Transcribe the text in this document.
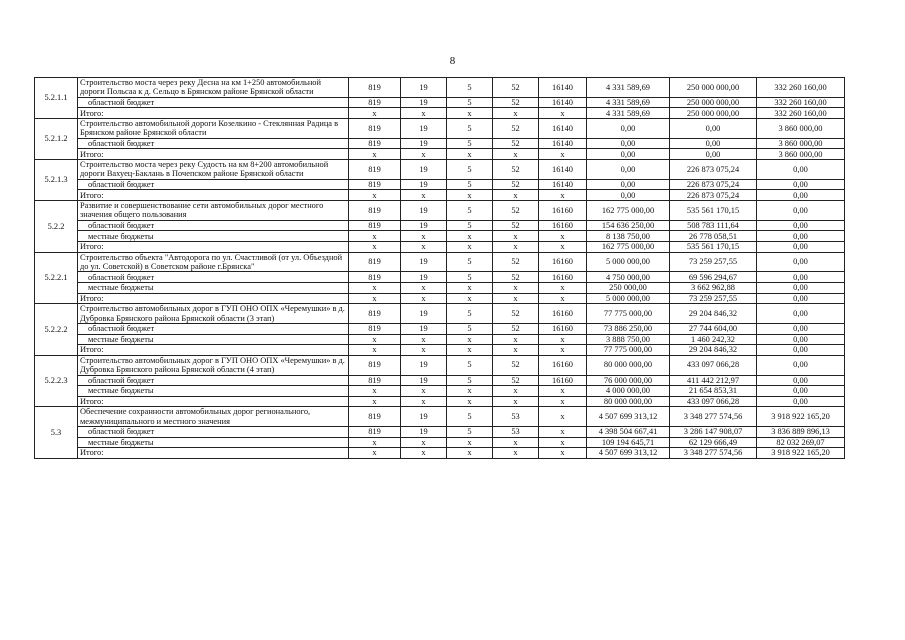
8
5.2.1.1	Строительство моста через реку Десна на км 1+250 автомобильной дороги Польсаа к д. Сельцо в Брянском районе Брянской области	819	19	5	52	16140	4 331 589,69	250 000 000,00	332 260 160,00
	областной бюджет	819	19	5	52	16140	4 331 589,69	250 000 000,00	332 260 160,00
	Итого:	x	x	x	x	x	4 331 589,69	250 000 000,00	332 260 160,00
5.2.1.2	Строительство автомобильной дороги Козелкино - Стеклянная Радица в Брянском районе Брянской области	819	19	5	52	16140	0,00	0,00	3 860 000,00
	областной бюджет	819	19	5	52	16140	0,00	0,00	3 860 000,00
	Итого:	x	x	x	x	x	0,00	0,00	3 860 000,00
5.2.1.3	Строительство моста через реку Судость на км 8+200 автомобильной дороги Вахуец-Баклань в Почепском районе Брянской области	819	19	5	52	16140	0,00	226 873 075,24	0,00
	областной бюджет	819	19	5	52	16140	0,00	226 873 075,24	0,00
	Итого:	x	x	x	x	x	0,00	226 873 075,24	0,00
5.2.2	Развитие и совершенствование сети автомобильных дорог местного значения общего пользования	819	19	5	52	16160	162 775 000,00	535 561 170,15	0,00
	областной бюджет	819	19	5	52	16160	154 636 250,00	508 783 111,64	0,00
	местные бюджеты	x	x	x	x	x	8 138 750,00	26 778 058,51	0,00
	Итого:	x	x	x	x	x	162 775 000,00	535 561 170,15	0,00
5.2.2.1	Строительство объекта "Автодорога по ул. Счастливой (от ул. Объездной до ул. Советской) в Советском районе г.Брянска"	819	19	5	52	16160	5 000 000,00	73 259 257,55	0,00
	областной бюджет	819	19	5	52	16160	4 750 000,00	69 596 294,67	0,00
	местные бюджеты	x	x	x	x	x	250 000,00	3 662 962,88	0,00
	Итого:	x	x	x	x	x	5 000 000,00	73 259 257,55	0,00
5.2.2.2	Строительство автомобильных дорог в ГУП ОНО ОПХ «Черемушки» в д. Дубровка Брянского района Брянской области (3 этап)	819	19	5	52	16160	77 775 000,00	29 204 846,32	0,00
	областной бюджет	819	19	5	52	16160	73 886 250,00	27 744 604,00	0,00
	местные бюджеты	x	x	x	x	x	3 888 750,00	1 460 242,32	0,00
	Итого:	x	x	x	x	x	77 775 000,00	29 204 846,32	0,00
5.2.2.3	Строительство автомобильных дорог в ГУП ОНО ОПХ «Черемушки» в д. Дубровка Брянского района Брянской области (4 этап)	819	19	5	52	16160	80 000 000,00	433 097 066,28	0,00
	областной бюджет	819	19	5	52	16160	76 000 000,00	411 442 212,97	0,00
	местные бюджеты	x	x	x	x	x	4 000 000,00	21 654 853,31	0,00
	Итого:	x	x	x	x	x	80 000 000,00	433 097 066,28	0,00
5.3	Обеспечение сохранности автомобильных дорог регионального, межмуниципального и местного значения	819	19	5	53	x	4 507 699 313,12	3 348 277 574,56	3 918 922 165,20
	областной бюджет	819	19	5	53	x	4 398 504 667,41	3 286 147 908,07	3 836 889 896,13
	местные бюджеты	x	x	x	x	x	109 194 645,71	62 129 666,49	82 032 269,07
	Итого:	x	x	x	x	x	4 507 699 313,12	3 348 277 574,56	3 918 922 165,20
